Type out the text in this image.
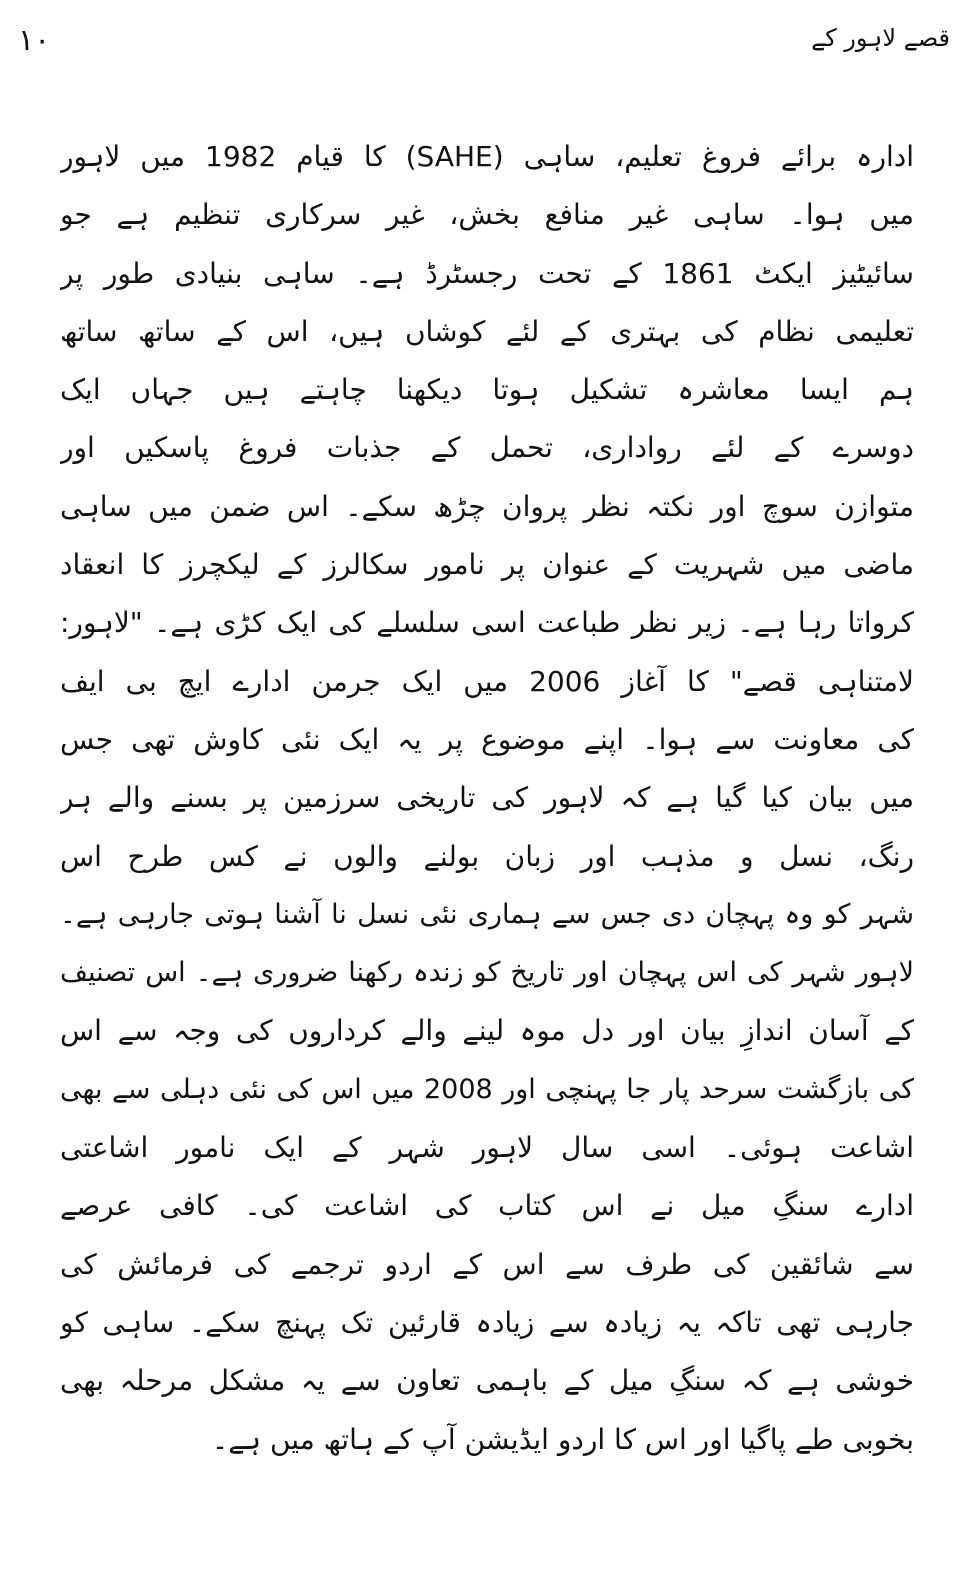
۱۰	قصے لاہور کے
ادارہ برائے فروغ تعلیم، ساہی (SAHE) کا قیام 1982 میں لاہور
میں ہوا۔ ساہی غیر منافع بخش، غیر سرکاری تنظیم ہے جو
سائیٹیز ایکٹ 1861 کے تحت رجسٹرڈ ہے۔ ساہی بنیادی طور پر
تعلیمی نظام کی بہتری کے لئے کوشاں ہیں، اس کے ساتھ ساتھ
ہم ایسا معاشرہ تشکیل ہوتا دیکھنا چاہتے ہیں جہاں ایک
دوسرے کے لئے رواداری، تحمل کے جذبات فروغ پاسکیں اور
متوازن سوچ اور نکتہ نظر پروان چڑھ سکے۔ اس ضمن میں ساہی
ماضی میں شہریت کے عنوان پر نامور سکالرز کے لیکچرز کا انعقاد
کرواتا رہا ہے۔ زیر نظر طباعت اسی سلسلے کی ایک کڑی ہے۔ "لاہور:
لامتناہی قصے" کا آغاز 2006 میں ایک جرمن ادارے ایچ بی ایف
کی معاونت سے ہوا۔ اپنے موضوع پر یہ ایک نئی کاوش تھی جس
میں بیان کیا گیا ہے کہ لاہور کی تاریخی سرزمین پر بسنے والے ہر
رنگ، نسل و مذہب اور زبان بولنے والوں نے کس طرح اس
شہر کو وہ پہچان دی جس سے ہماری نئی نسل نا آشنا ہوتی جارہی ہے۔
لاہور شہر کی اس پہچان اور تاریخ کو زندہ رکھنا ضروری ہے۔ اس تصنیف
کے آسان اندازِ بیان اور دل موہ لینے والے کرداروں کی وجہ سے اس
کی بازگشت سرحد پار جا پہنچی اور 2008 میں اس کی نئی دہلی سے بھی
اشاعت ہوئی۔ اسی سال لاہور شہر کے ایک نامور اشاعتی
ادارے سنگِ میل نے اس کتاب کی اشاعت کی۔ کافی عرصے
سے شائقین کی طرف سے اس کے اردو ترجمے کی فرمائش کی
جارہی تھی تاکہ یہ زیادہ سے زیادہ قارئین تک پہنچ سکے۔ ساہی کو
خوشی ہے کہ سنگِ میل کے باہمی تعاون سے یہ مشکل مرحلہ بھی
بخوبی طے پاگیا اور اس کا اردو ایڈیشن آپ کے ہاتھ میں ہے۔
